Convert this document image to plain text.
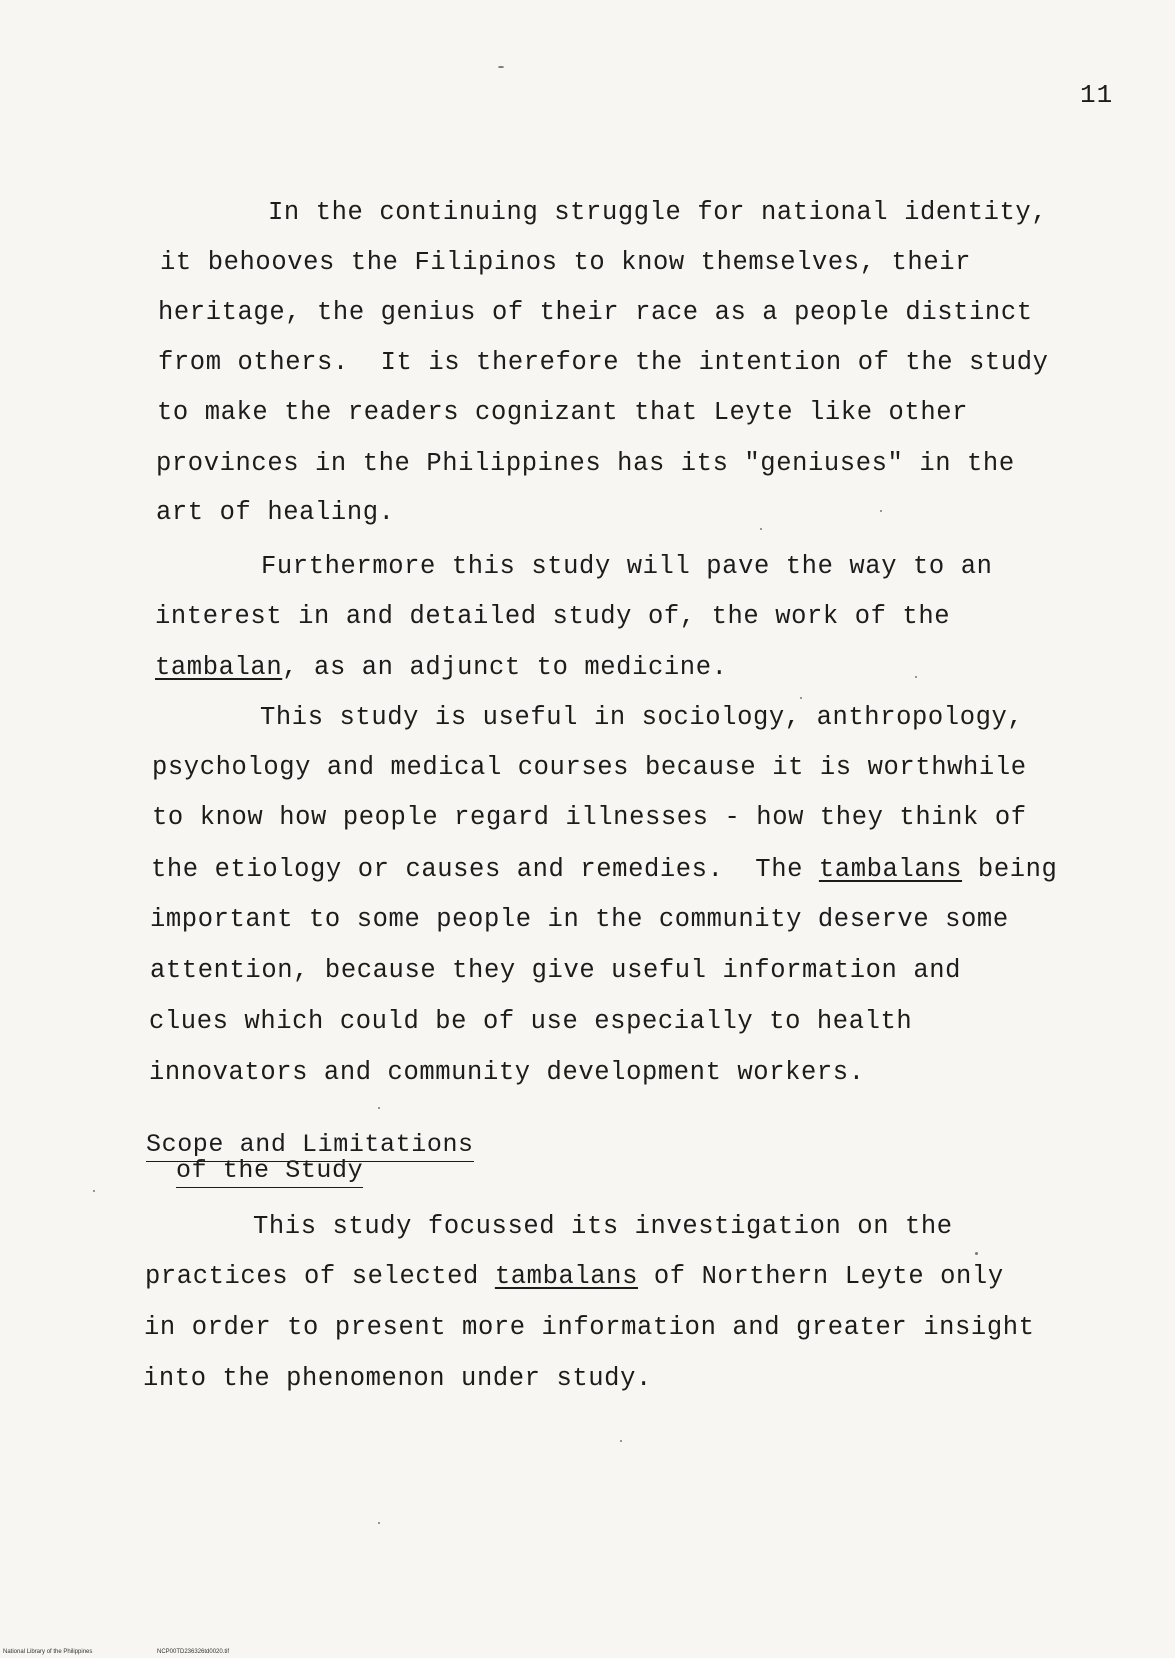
11
In the continuing struggle for national identity,
it behooves the Filipinos to know themselves, their
heritage, the genius of their race as a people distinct
from others.  It is therefore the intention of the study
to make the readers cognizant that Leyte like other
provinces in the Philippines has its "geniuses" in the
art of healing.
Furthermore this study will pave the way to an
interest in and detailed study of, the work of the
tambalan, as an adjunct to medicine.
This study is useful in sociology, anthropology,
psychology and medical courses because it is worthwhile
to know how people regard illnesses - how they think of
the etiology or causes and remedies.  The tambalans being
important to some people in the community deserve some
attention, because they give useful information and
clues which could be of use especially to health
innovators and community development workers.
Scope and Limitations
of the Study
This study focussed its investigation on the
practices of selected tambalans of Northern Leyte only
in order to present more information and greater insight
into the phenomenon under study.
National Library of the Philippines	NCP00TD236326td0020.tif
